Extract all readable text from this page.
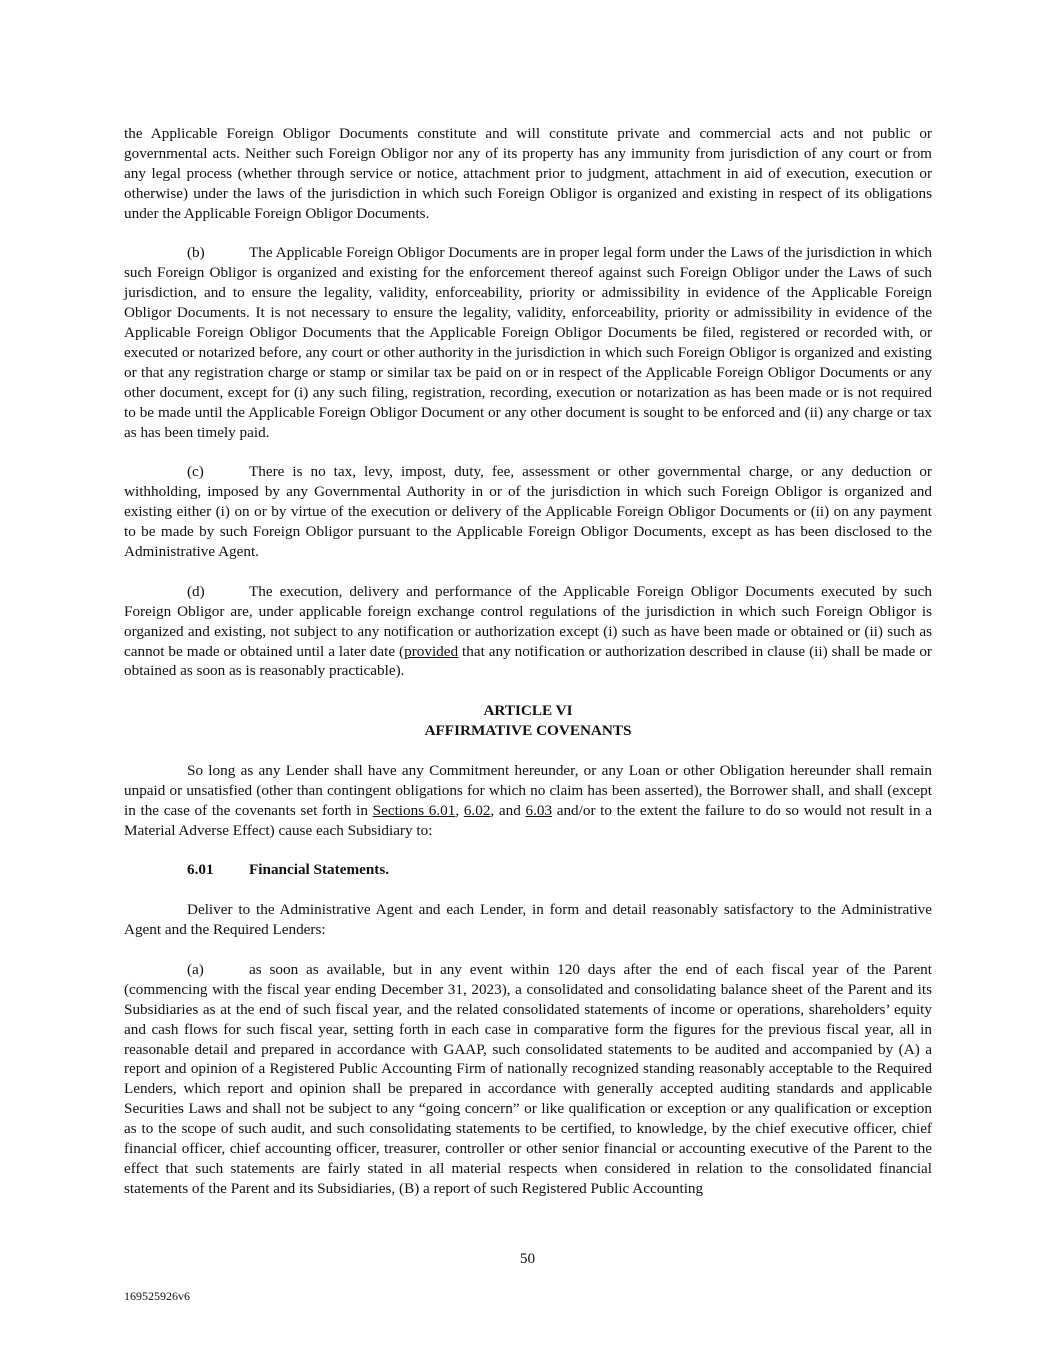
the Applicable Foreign Obligor Documents constitute and will constitute private and commercial acts and not public or governmental acts. Neither such Foreign Obligor nor any of its property has any immunity from jurisdiction of any court or from any legal process (whether through service or notice, attachment prior to judgment, attachment in aid of execution, execution or otherwise) under the laws of the jurisdiction in which such Foreign Obligor is organized and existing in respect of its obligations under the Applicable Foreign Obligor Documents.

(b)	The Applicable Foreign Obligor Documents are in proper legal form under the Laws of the jurisdiction in which such Foreign Obligor is organized and existing for the enforcement thereof against such Foreign Obligor under the Laws of such jurisdiction, and to ensure the legality, validity, enforceability, priority or admissibility in evidence of the Applicable Foreign Obligor Documents. It is not necessary to ensure the legality, validity, enforceability, priority or admissibility in evidence of the Applicable Foreign Obligor Documents that the Applicable Foreign Obligor Documents be filed, registered or recorded with, or executed or notarized before, any court or other authority in the jurisdiction in which such Foreign Obligor is organized and existing or that any registration charge or stamp or similar tax be paid on or in respect of the Applicable Foreign Obligor Documents or any other document, except for (i) any such filing, registration, recording, execution or notarization as has been made or is not required to be made until the Applicable Foreign Obligor Document or any other document is sought to be enforced and (ii) any charge or tax as has been timely paid.

(c)	There is no tax, levy, impost, duty, fee, assessment or other governmental charge, or any deduction or withholding, imposed by any Governmental Authority in or of the jurisdiction in which such Foreign Obligor is organized and existing either (i) on or by virtue of the execution or delivery of the Applicable Foreign Obligor Documents or (ii) on any payment to be made by such Foreign Obligor pursuant to the Applicable Foreign Obligor Documents, except as has been disclosed to the Administrative Agent.

(d)	The execution, delivery and performance of the Applicable Foreign Obligor Documents executed by such Foreign Obligor are, under applicable foreign exchange control regulations of the jurisdiction in which such Foreign Obligor is organized and existing, not subject to any notification or authorization except (i) such as have been made or obtained or (ii) such as cannot be made or obtained until a later date (provided that any notification or authorization described in clause (ii) shall be made or obtained as soon as is reasonably practicable).

ARTICLE VI
AFFIRMATIVE COVENANTS

So long as any Lender shall have any Commitment hereunder, or any Loan or other Obligation hereunder shall remain unpaid or unsatisfied (other than contingent obligations for which no claim has been asserted), the Borrower shall, and shall (except in the case of the covenants set forth in Sections 6.01, 6.02, and 6.03 and/or to the extent the failure to do so would not result in a Material Adverse Effect) cause each Subsidiary to:

6.01 Financial Statements.

Deliver to the Administrative Agent and each Lender, in form and detail reasonably satisfactory to the Administrative Agent and the Required Lenders:

(a)	as soon as available, but in any event within 120 days after the end of each fiscal year of the Parent (commencing with the fiscal year ending December 31, 2023), a consolidated and consolidating balance sheet of the Parent and its Subsidiaries as at the end of such fiscal year, and the related consolidated statements of income or operations, shareholders’ equity and cash flows for such fiscal year, setting forth in each case in comparative form the figures for the previous fiscal year, all in reasonable detail and prepared in accordance with GAAP, such consolidated statements to be audited and accompanied by (A) a report and opinion of a Registered Public Accounting Firm of nationally recognized standing reasonably acceptable to the Required Lenders, which report and opinion shall be prepared in accordance with generally accepted auditing standards and applicable Securities Laws and shall not be subject to any “going concern” or like qualification or exception or any qualification or exception as to the scope of such audit, and such consolidating statements to be certified, to knowledge, by the chief executive officer, chief financial officer, chief accounting officer, treasurer, controller or other senior financial or accounting executive of the Parent to the effect that such statements are fairly stated in all material respects when considered in relation to the consolidated financial statements of the Parent and its Subsidiaries, (B) a report of such Registered Public Accounting

50
169525926v6
